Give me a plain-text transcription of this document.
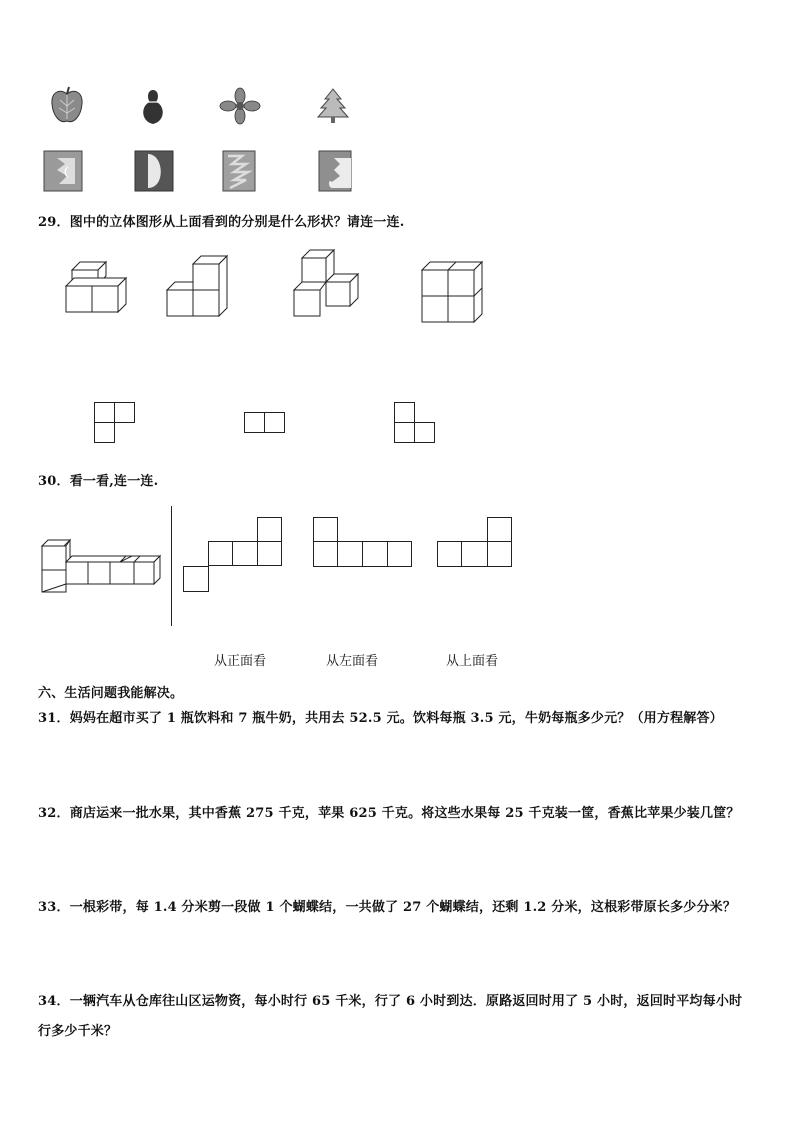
29．图中的立体图形从上面看到的分别是什么形状？请连一连.
30．看一看,连一连.
从正面看	从左面看	从上面看
六、生活问题我能解决。
31．妈妈在超市买了 1 瓶饮料和 7 瓶牛奶，共用去 52.5 元。饮料每瓶 3.5 元，牛奶每瓶多少元？（用方程解答）
32．商店运来一批水果，其中香蕉 275 千克，苹果 625 千克。将这些水果每 25 千克装一筐，香蕉比苹果少装几筐？
33．一根彩带，每 1.4 分米剪一段做 1 个蝴蝶结，一共做了 27 个蝴蝶结，还剩 1.2 分米，这根彩带原长多少分米？
34．一辆汽车从仓库往山区运物资，每小时行 65 千米，行了 6 小时到达．原路返回时用了 5 小时，返回时平均每小时
行多少千米？
